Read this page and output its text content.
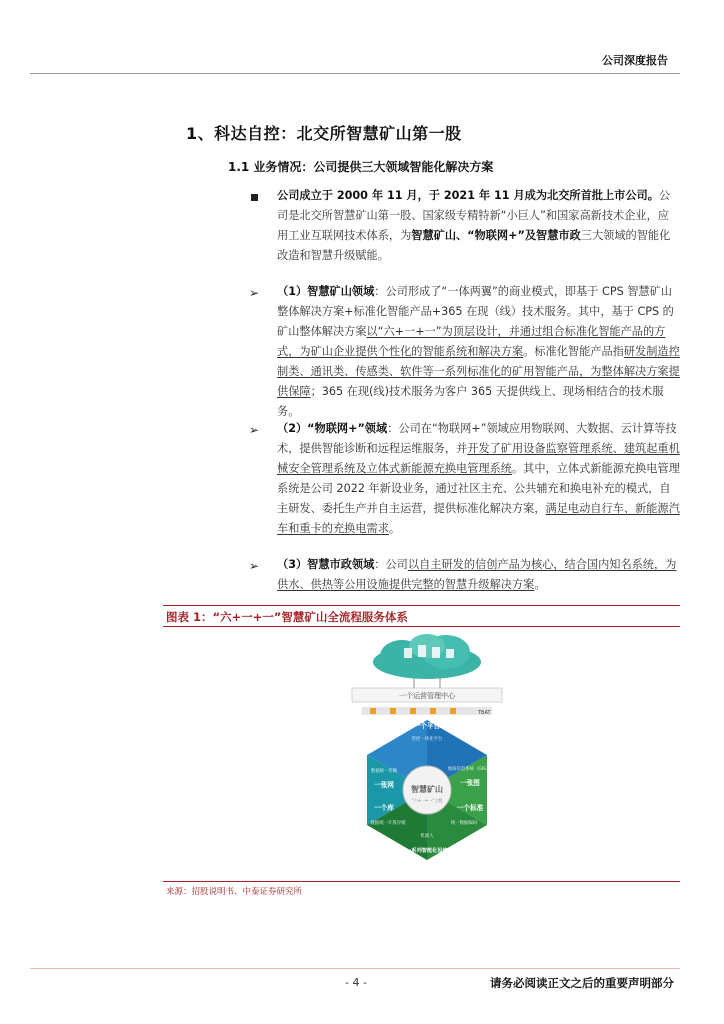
公司深度报告
1、科达自控：北交所智慧矿山第一股
1.1 业务情况：公司提供三大领域智能化解决方案
公司成立于 2000 年 11 月，于 2021 年 11 月成为北交所首批上市公司。公司是北交所智慧矿山第一股、国家级专精特新“小巨人”和国家高新技术企业，应用工业互联网技术体系，为智慧矿山、“物联网+”及智慧市政三大领域的智能化改造和智慧升级赋能。
➢ （1）智慧矿山领域：公司形成了“一体两翼”的商业模式，即基于 CPS 智慧矿山整体解决方案+标准化智能产品+365 在现（线）技术服务。其中，基于 CPS 的矿山整体解决方案以“六+一+一”为顶层设计，并通过组合标准化智能产品的方式，为矿山企业提供个性化的智能系统和解决方案。标准化智能产品指研发制造控制类、通讯类、传感类、软件等一系列标准化的矿用智能产品，为整体解决方案提供保障；365 在现(线)技术服务为客户 365 天提供线上、现场相结合的技术服务。
➢ （2）“物联网+”领域：公司在“物联网+”领域应用物联网、大数据、云计算等技术，提供智能诊断和远程运维服务，并开发了矿用设备监察管理系统、建筑起重机械安全管理系统及立体式新能源充换电管理系统。其中，立体式新能源充换电管理系统是公司 2022 年新设业务，通过社区主充、公共辅充和换电补充的模式，自主研发、委托生产并自主运营，提供标准化解决方案，满足电动自行车、新能源汽车和重卡的充换电需求。
➢ （3）智慧市政领域：公司以自主研发的信创产品为核心，结合国内知名系统，为供水、供热等公用设施提供完整的智慧升级解决方案。
图表 1：“六+一+一”智慧矿山全流程服务体系
一个运营管理中心
TBAT
一个平台
管控一体化平台
地质信息系统（GIS）
一张图
一个标准
统一数据编码
机器人
一系列智能化设施
数据统一传输
一张网
一个库
数据统一计算存储
智慧矿山
“六+一+一”工程
来源：招股说明书、中泰证券研究所
- 4 -	请务必阅读正文之后的重要声明部分
